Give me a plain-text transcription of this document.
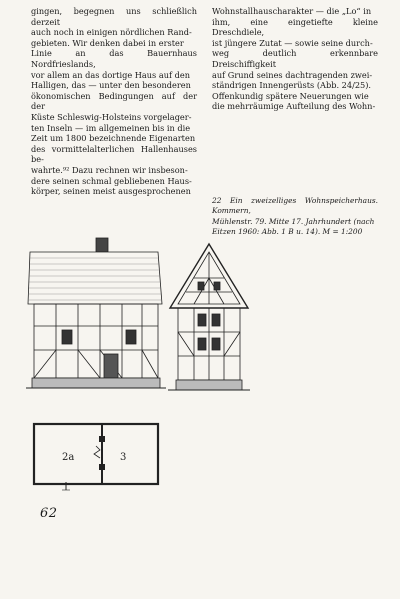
gingen, begegnen uns schließlich derzeit

auch noch in einigen nördlichen Rand-

gebieten. Wir denken dabei in erster

Linie an das Bauernhaus Nordfrieslands,

vor allem an das dortige Haus auf den

Halligen, das — unter den besonderen

ökonomischen Bedingungen auf der der

Küste Schleswig-Holsteins vorgelager-

ten Inseln — im allgemeinen bis in die

Zeit um 1800 bezeichnende Eigenarten

des vormittelalterlichen Hallenhauses be-

wahrte.⁹² Dazu rechnen wir insbeson-

dere seinen schmal gebliebenen Haus-

körper, seinen meist ausgesprochenen

Wohnstallhauscharakter — die „Lo“ in

ihm, eine eingetiefte kleine Dreschdiele,

ist jüngere Zutat — sowie seine durch-

weg deutlich erkennbare Dreischiffigkeit

auf Grund seines dachtragenden zwei-

ständrigen Innengerüsts (Abb. 24/25).

Offenkundig spätere Neuerungen wie

die mehrräumige Aufteilung des Wohn-

22 Ein zweizelliges Wohnspeicherhaus. Kommern,
Mühlenstr. 79. Mitte 17. Jahrhundert (nach
Eitzen 1960: Abb. 1 B u. 14). M = 1:200
2a	3
62
